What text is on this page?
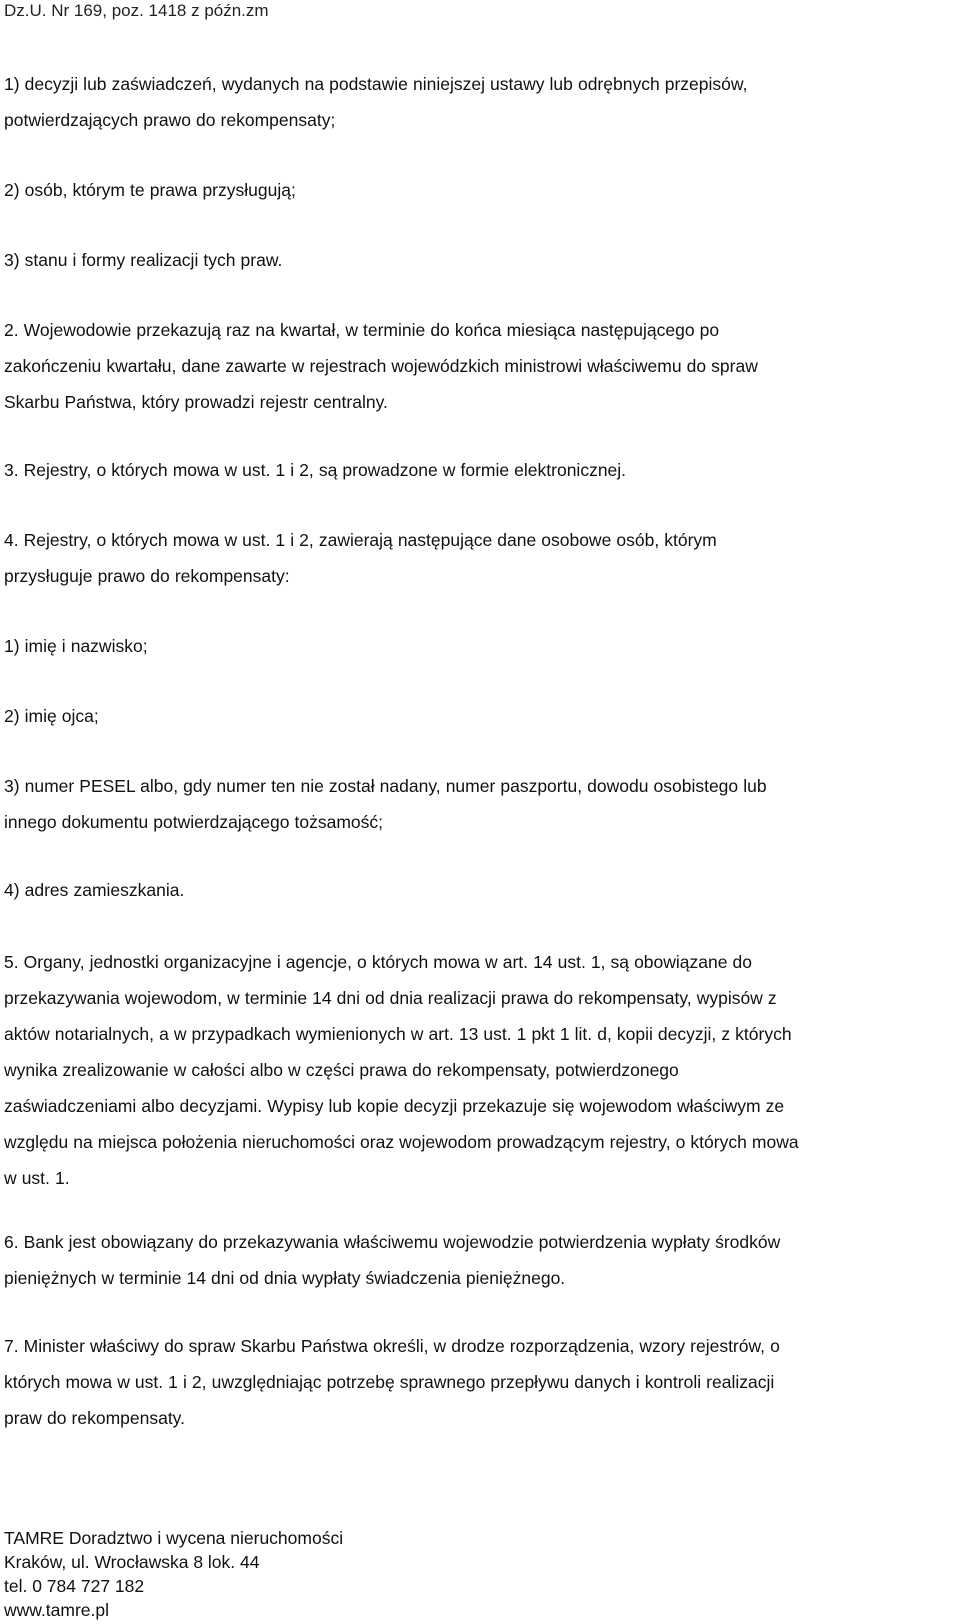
Dz.U. Nr 169, poz. 1418 z późn.zm
1) decyzji lub zaświadczeń, wydanych na podstawie niniejszej ustawy lub odrębnych przepisów,
potwierdzających prawo do rekompensaty;
2) osób, którym te prawa przysługują;
3) stanu i formy realizacji tych praw.
2. Wojewodowie przekazują raz na kwartał, w terminie do końca miesiąca następującego po
zakończeniu kwartału, dane zawarte w rejestrach wojewódzkich ministrowi właściwemu do spraw
Skarbu Państwa, który prowadzi rejestr centralny.
3. Rejestry, o których mowa w ust. 1 i 2, są prowadzone w formie elektronicznej.
4. Rejestry, o których mowa w ust. 1 i 2, zawierają następujące dane osobowe osób, którym
przysługuje prawo do rekompensaty:
1) imię i nazwisko;
2) imię ojca;
3) numer PESEL albo, gdy numer ten nie został nadany, numer paszportu, dowodu osobistego lub
innego dokumentu potwierdzającego tożsamość;
4) adres zamieszkania.
5. Organy, jednostki organizacyjne i agencje, o których mowa w art. 14 ust. 1, są obowiązane do
przekazywania wojewodom, w terminie 14 dni od dnia realizacji prawa do rekompensaty, wypisów z
aktów notarialnych, a w przypadkach wymienionych w art. 13 ust. 1 pkt 1 lit. d, kopii decyzji, z których
wynika zrealizowanie w całości albo w części prawa do rekompensaty, potwierdzonego
zaświadczeniami albo decyzjami. Wypisy lub kopie decyzji przekazuje się wojewodom właściwym ze
względu na miejsca położenia nieruchomości oraz wojewodom prowadzącym rejestry, o których mowa
w ust. 1.
6. Bank jest obowiązany do przekazywania właściwemu wojewodzie potwierdzenia wypłaty środków
pieniężnych w terminie 14 dni od dnia wypłaty świadczenia pieniężnego.
7. Minister właściwy do spraw Skarbu Państwa określi, w drodze rozporządzenia, wzory rejestrów, o
których mowa w ust. 1 i 2, uwzględniając potrzebę sprawnego przepływu danych i kontroli realizacji
praw do rekompensaty.
TAMRE Doradztwo i wycena nieruchomości
Kraków, ul. Wrocławska 8 lok. 44
tel. 0 784 727 182
www.tamre.pl
